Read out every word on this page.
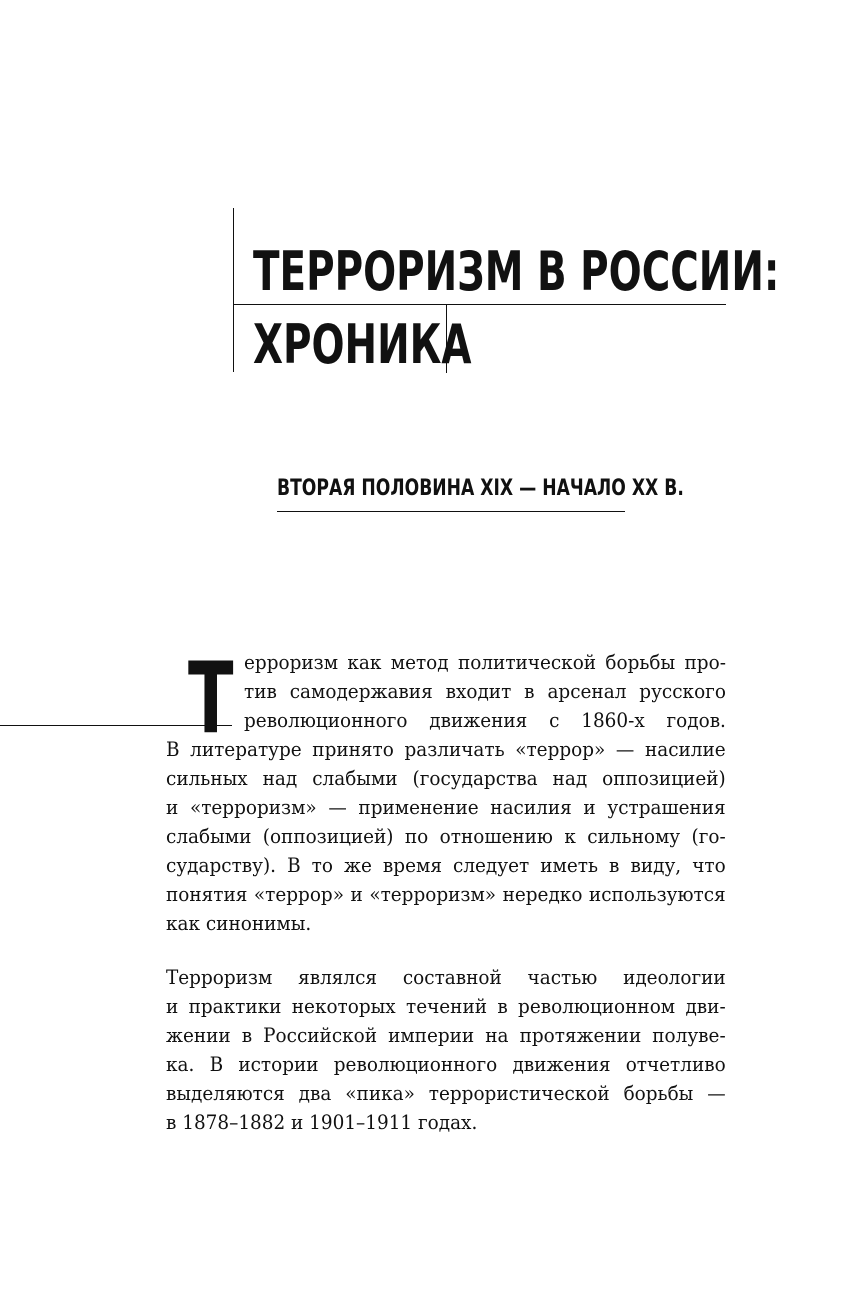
ТЕРРОРИЗМ В РОССИИ:
ХРОНИКА
ВТОРАЯ ПОЛОВИНА XIX — НАЧАЛО XX В.
Т ерроризм как метод политической борьбы про-

тив самодержавия входит в арсенал русского

революционного движения с 1860-х годов.

В литературе принято различать «террор» — насилие

сильных над слабыми (государства над оппозицией)

и «терроризм» — применение насилия и устрашения

слабыми (оппозицией) по отношению к сильному (го-

сударству). В то же время следует иметь в виду, что

понятия «террор» и «терроризм» нередко используются

как синонимы.

Терроризм являлся составной частью идеологии

и практики некоторых течений в революционном дви-

жении в Российской империи на протяжении полуве-

ка. В истории революционного движения отчетливо

выделяются два «пика» террористической борьбы —

в 1878–1882 и 1901–1911 годах.
